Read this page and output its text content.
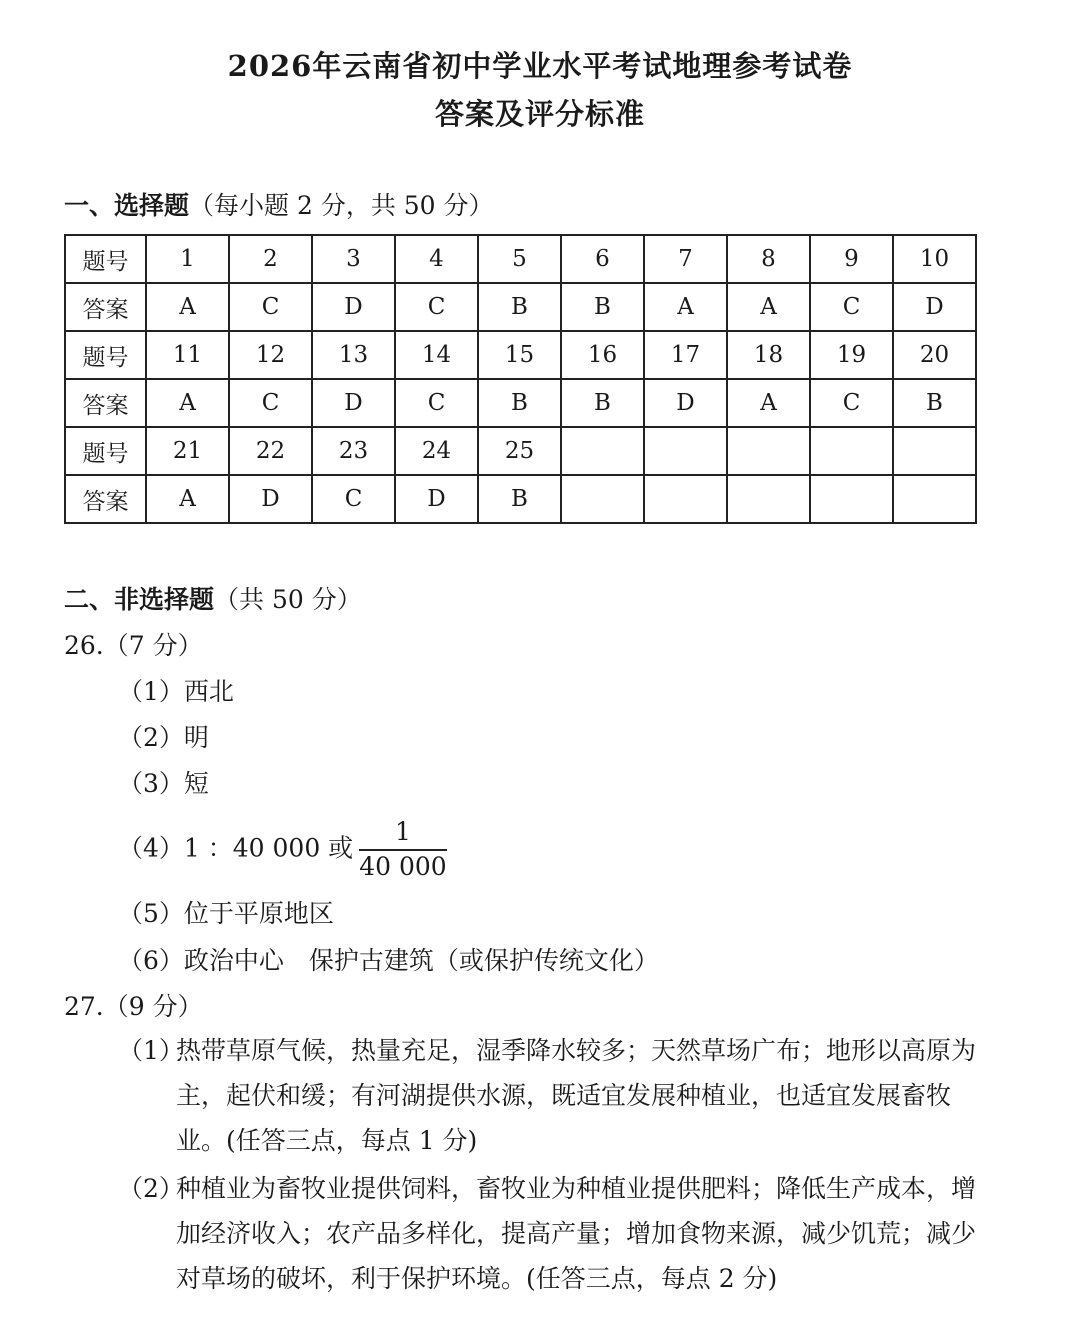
2026年云南省初中学业水平考试地理参考试卷
答案及评分标准
一、选择题（每小题 2 分，共 50 分）
题号	1	2	3	4	5	6	7	8	9	10
答案	A	C	D	C	B	B	A	A	C	D
题号	11	12	13	14	15	16	17	18	19	20
答案	A	C	D	C	B	B	D	A	C	B
题号	21	22	23	24	25					
答案	A	D	C	D	B					
二、非选择题（共 50 分）
26.（7 分）
（1）西北
（2）明
（3）短
（4）1 ：40 000 或 $\frac{1}{40 000}$
（5）位于平原地区
（6）政治中心　保护古建筑（或保护传统文化）
27.（9 分）
（1）
热带草原气候，热量充足，湿季降水较多；天然草场广布；地形以高原为主，起伏和缓；有河湖提供水源，既适宜发展种植业，也适宜发展畜牧业。(任答三点，每点 1 分)
（2）
种植业为畜牧业提供饲料，畜牧业为种植业提供肥料；降低生产成本，增加经济收入；农产品多样化，提高产量；增加食物来源，减少饥荒；减少对草场的破坏，利于保护环境。(任答三点，每点 2 分)
